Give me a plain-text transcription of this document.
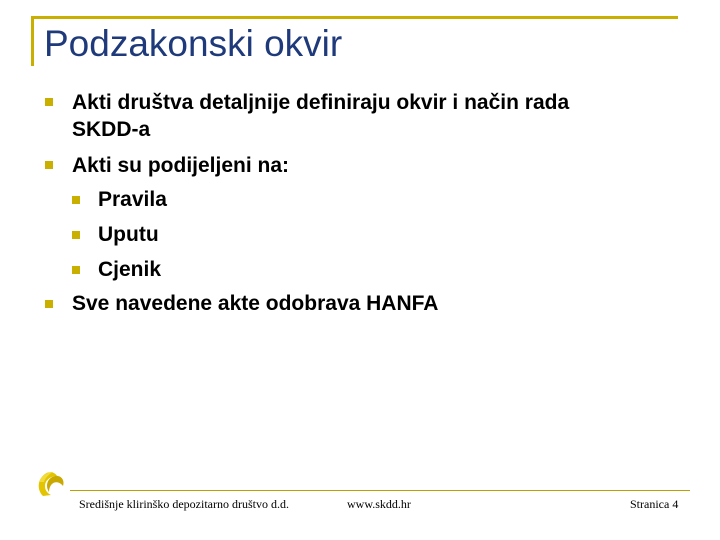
Podzakonski okvir
Akti društva detaljnije definiraju okvir i način rada
SKDD-a
Akti su podijeljeni na:
Pravila
Uputu
Cjenik
Sve navedene akte odobrava HANFA
Središnje klirinško depozitarno društvo d.d.	www.skdd.hr	Stranica 4
